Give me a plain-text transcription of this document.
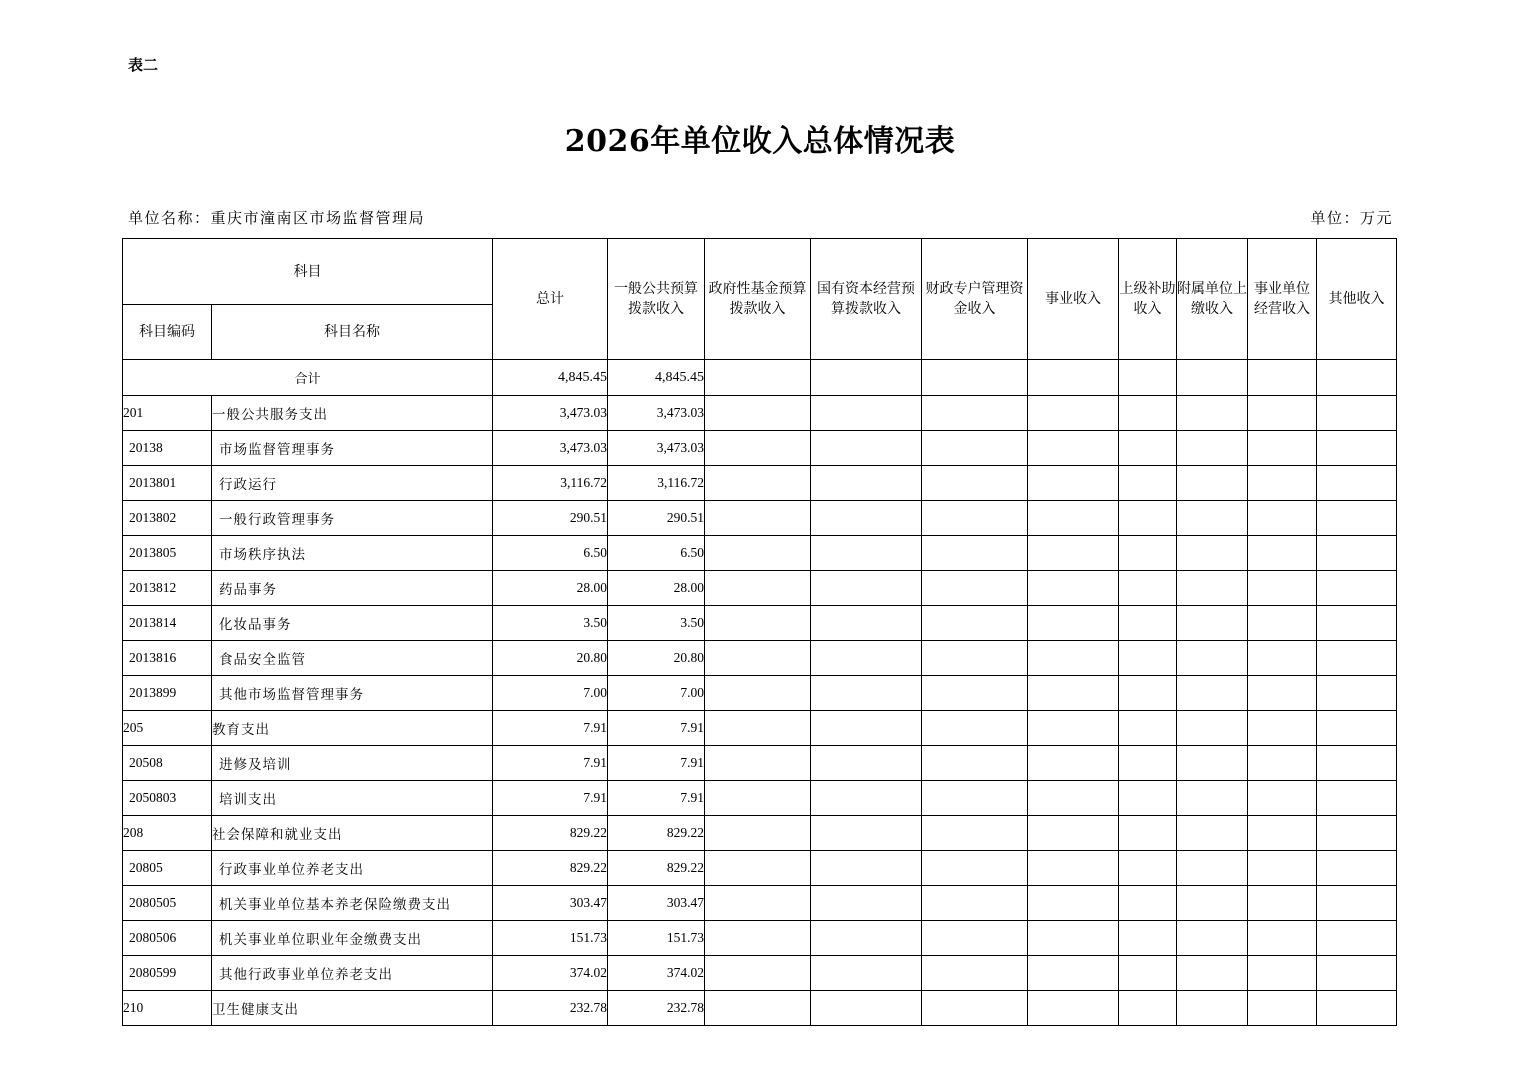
表二
2026年单位收入总体情况表
单位名称：重庆市潼南区市场监督管理局	单位：万元
科目		总计	一般公共预算拨款收入	政府性基金预算拨款收入	国有资本经营预算拨款收入	财政专户管理资金收入	事业收入	上级补助收入	附属单位上缴收入	事业单位经营收入	其他收入
科目编码	科目名称										
合计		4,845.45	4,845.45								
201	一般公共服务支出	3,473.03	3,473.03								
20138	市场监督管理事务	3,473.03	3,473.03								
2013801	行政运行	3,116.72	3,116.72								
2013802	一般行政管理事务	290.51	290.51								
2013805	市场秩序执法	6.50	6.50								
2013812	药品事务	28.00	28.00								
2013814	化妆品事务	3.50	3.50								
2013816	食品安全监管	20.80	20.80								
2013899	其他市场监督管理事务	7.00	7.00								
205	教育支出	7.91	7.91								
20508	进修及培训	7.91	7.91								
2050803	培训支出	7.91	7.91								
208	社会保障和就业支出	829.22	829.22								
20805	行政事业单位养老支出	829.22	829.22								
2080505	机关事业单位基本养老保险缴费支出	303.47	303.47								
2080506	机关事业单位职业年金缴费支出	151.73	151.73								
2080599	其他行政事业单位养老支出	374.02	374.02								
210	卫生健康支出	232.78	232.78								
